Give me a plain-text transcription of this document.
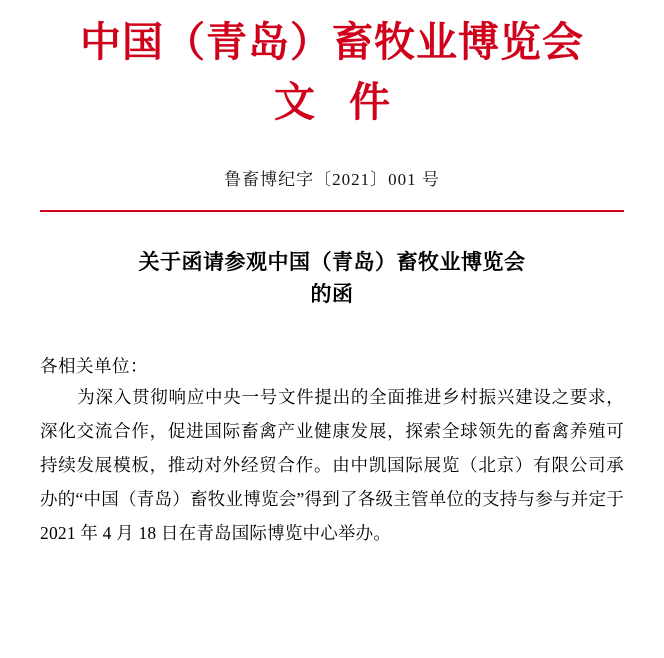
中国（青岛）畜牧业博览会
文件
鲁畜博纪字〔2021〕001 号
关于函请参观中国（青岛）畜牧业博览会
的函
各相关单位：
为深入贯彻响应中央一号文件提出的全面推进乡村振兴建设之要求，深化交流合作，促进国际畜禽产业健康发展，探索全球领先的畜禽养殖可持续发展模板，推动对外经贸合作。由中凯国际展览（北京）有限公司承办的“中国（青岛）畜牧业博览会”得到了各级主管单位的支持与参与并定于 2021 年 4 月 18 日在青岛国际博览中心举办。
